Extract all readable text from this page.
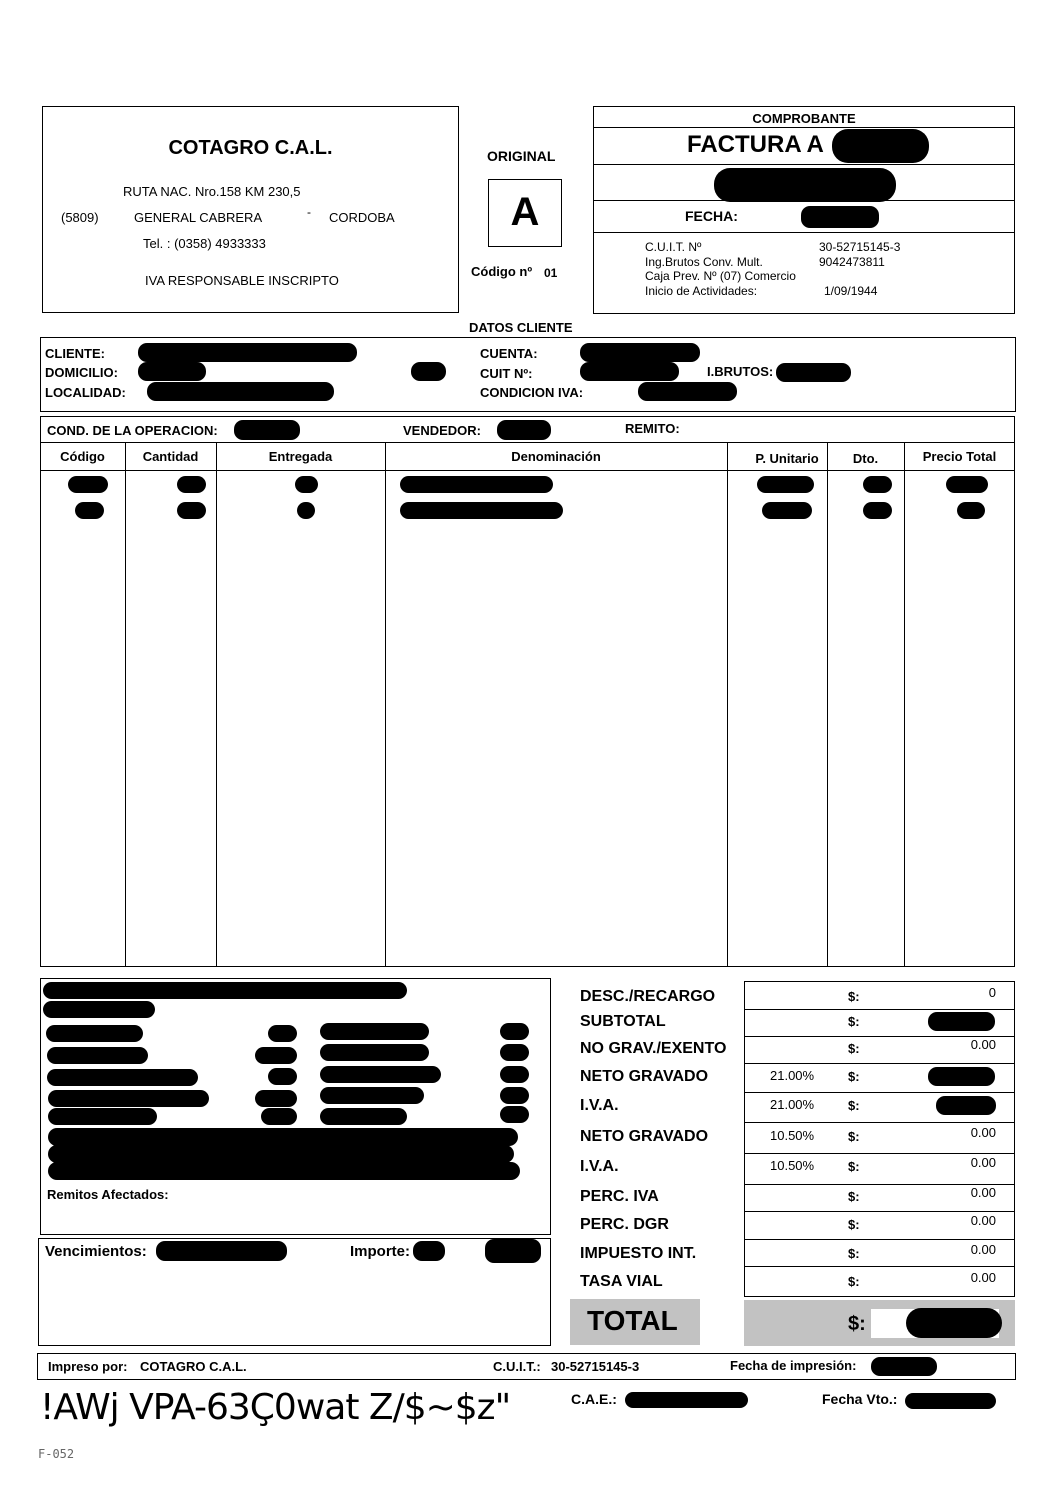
COTAGRO C.A.L.
RUTA NAC. Nro.158 KM 230,5
(5809)	GENERAL CABRERA	- CORDOBA
Tel. : (0358) 4933333
IVA RESPONSABLE INSCRIPTO
ORIGINAL
A
Código nº 01
COMPROBANTE
FACTURA A
FECHA:
C.U.I.T. Nº	30-52715145-3
Ing.Brutos Conv. Mult.	9042473811
Caja Prev. Nº (07) Comercio
Inicio de Actividades:	1/09/1944
DATOS CLIENTE
CLIENTE:
DOMICILIO:
LOCALIDAD:
CUENTA:
CUIT Nº:	I.BRUTOS:
CONDICION IVA:
COND. DE LA OPERACION:	VENDEDOR:	REMITO:
Código	Cantidad	Entregada	Denominación	P. Unitario	Dto.	Precio Total
Remitos Afectados:
Vencimientos:	Importe:
DESC./RECARGO	$:	0
SUBTOTAL	$:
NO GRAV./EXENTO	$:	0.00
NETO GRAVADO	21.00%	$:
I.V.A.	21.00%	$:
NETO GRAVADO	10.50%	$:	0.00
I.V.A.	10.50%	$:	0.00
PERC. IVA	$:	0.00
PERC. DGR	$:	0.00
IMPUESTO INT.	$:	0.00
TASA VIAL	$:	0.00
TOTAL	$:
Impreso por: COTAGRO C.A.L.	C.U.I.T.: 30-52715145-3	Fecha de impresión:
!AWj VPA-63Ç0wat Z/$~$z"	C.A.E.:	Fecha Vto.:
F-052
